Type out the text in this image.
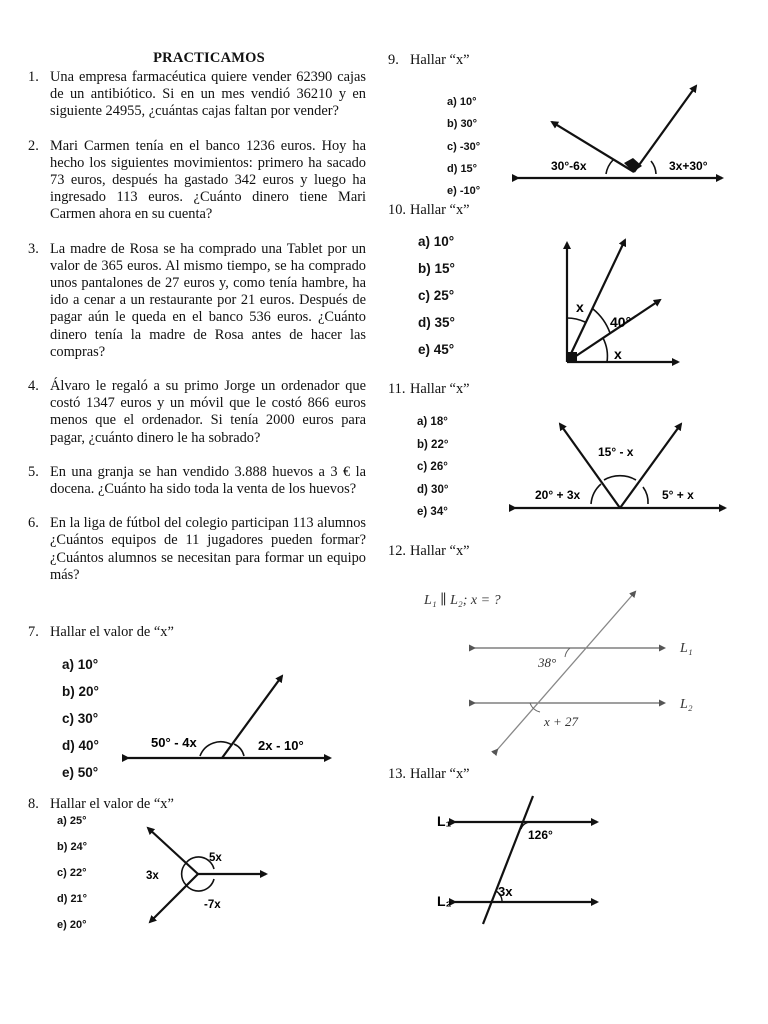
PRACTICAMOS
1. Una empresa farmacéutica quiere vender 62390 cajas de un antibiótico. Si en un mes vendió 36210 y en siguiente 24955, ¿cuántas cajas faltan por vender?
2. Mari Carmen tenía en el banco 1236 euros. Hoy ha hecho los siguientes movimientos: primero ha sacado 73 euros, después ha gastado 342 euros y luego ha ingresado 113 euros. ¿Cuánto dinero tiene Mari Carmen ahora en su cuenta?
3. La madre de Rosa se ha comprado una Tablet por un valor de 365 euros. Al mismo tiempo, se ha comprado unos pantalones de 27 euros y, como tenía hambre, ha ido a cenar a un restaurante por 21 euros. Después de pagar aún le queda en el banco 536 euros. ¿Cuánto dinero tenía la madre de Rosa antes de hacer las compras?
4. Álvaro le regaló a su primo Jorge un ordenador que costó 1347 euros y un móvil que le costó 866 euros menos que el ordenador. Si tenía 2000 euros para pagar, ¿cuánto dinero le ha sobrado?
5. En una granja se han vendido 3.888 huevos a 3 € la docena. ¿Cuánto ha sido toda la venta de los huevos?
6. En la liga de fútbol del colegio participan 113 alumnos ¿Cuántos equipos de 11 jugadores pueden formar? ¿Cuántos alumnos se necesitan para formar un equipo más?
7. Hallar el valor de “x”
a) 10°
b) 20°
c) 30°
d) 40°
e) 50°
50° - 4x	2x - 10°
8. Hallar el valor de “x”
a) 25°
b) 24°
c) 22°
d) 21°
e) 20°
5x
3x
-7x
9. Hallar “x”
a) 10°
b) 30°
c) -30°
d) 15°
e) -10°
30°-6x	3x+30°
10. Hallar “x”
a) 10°
b) 15°
c) 25°
d) 35°
e) 45°
x
40°
x
11. Hallar “x”
a) 18°
b) 22°
c) 26°
d) 30°
e) 34°
15° - x
20° + 3x	5° + x
12. Hallar “x”
L₁ ∥ L₂; x = ?
L₁
L₂
38°
x + 27
13. Hallar “x”
L₁
L₂
126°
3x
